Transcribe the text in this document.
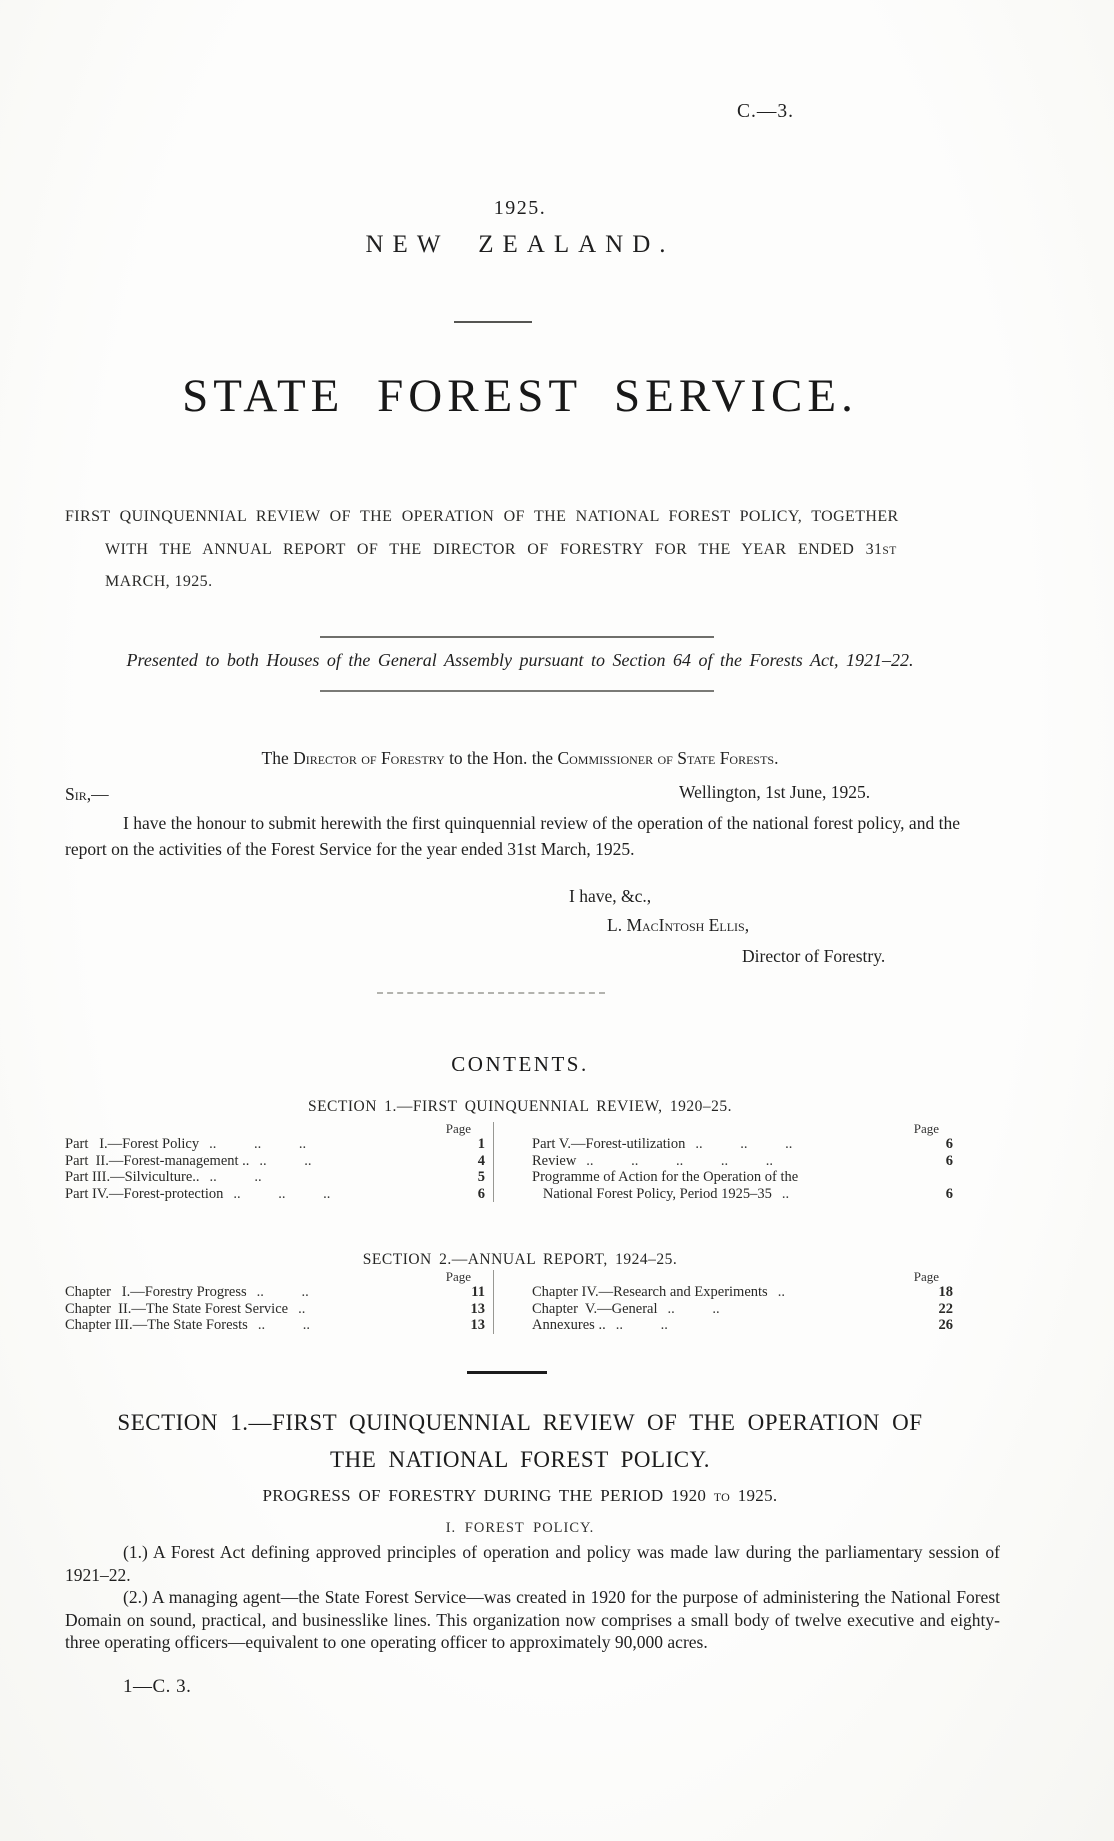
C.—3.
1925.
NEW ZEALAND.
STATE FOREST SERVICE.
FIRST QUINQUENNIAL REVIEW OF THE OPERATION OF THE NATIONAL FOREST POLICY, TOGETHER
WITH THE ANNUAL REPORT OF THE DIRECTOR OF FORESTRY FOR THE YEAR ENDED 31ST
MARCH, 1925.
Presented to both Houses of the General Assembly pursuant to Section 64 of the Forests Act, 1921–22.
The Director of Forestry to the Hon. the Commissioner of State Forests.
Sir,—	Wellington, 1st June, 1925.

I have the honour to submit herewith the first quinquennial review of the operation of the national forest policy, and the report on the activities of the Forest Service for the year ended 31st March, 1925.

I have, &c.,
L. MacIntosh Ellis,
Director of Forestry.
CONTENTS.
SECTION 1.—FIRST QUINQUENNIAL REVIEW, 1920–25.
Page
Part   I.—Forest Policy .. .. ..	1
Part  II.—Forest-management .. .. ..	4
Part III.—Silviculture.. .. ..	5
Part IV.—Forest-protection .. .. ..	6
Page
Part V.—Forest-utilization .. .. ..	6
Review .. .. .. .. ..	6
Programme of Action for the Operation of the
National Forest Policy, Period 1925–35 ..	6
SECTION 2.—ANNUAL REPORT, 1924–25.
Page
Chapter   I.—Forestry Progress .. ..	11
Chapter  II.—The State Forest Service ..	13
Chapter III.—The State Forests .. ..	13
Page
Chapter IV.—Research and Experiments ..	18
Chapter  V.—General .. ..	22
Annexures .. .. ..	26
SECTION 1.—FIRST QUINQUENNIAL REVIEW OF THE OPERATION OF
THE NATIONAL FOREST POLICY.
PROGRESS OF FORESTRY DURING THE PERIOD 1920 to 1925.
I. FOREST POLICY.

(1.) A Forest Act defining approved principles of operation and policy was made law during the parliamentary session of 1921–22.

(2.) A managing agent—the State Forest Service—was created in 1920 for the purpose of administering the National Forest Domain on sound, practical, and businesslike lines. This organization now comprises a small body of twelve executive and eighty-three operating officers—equivalent to one operating officer to approximately 90,000 acres.

1—C. 3.
